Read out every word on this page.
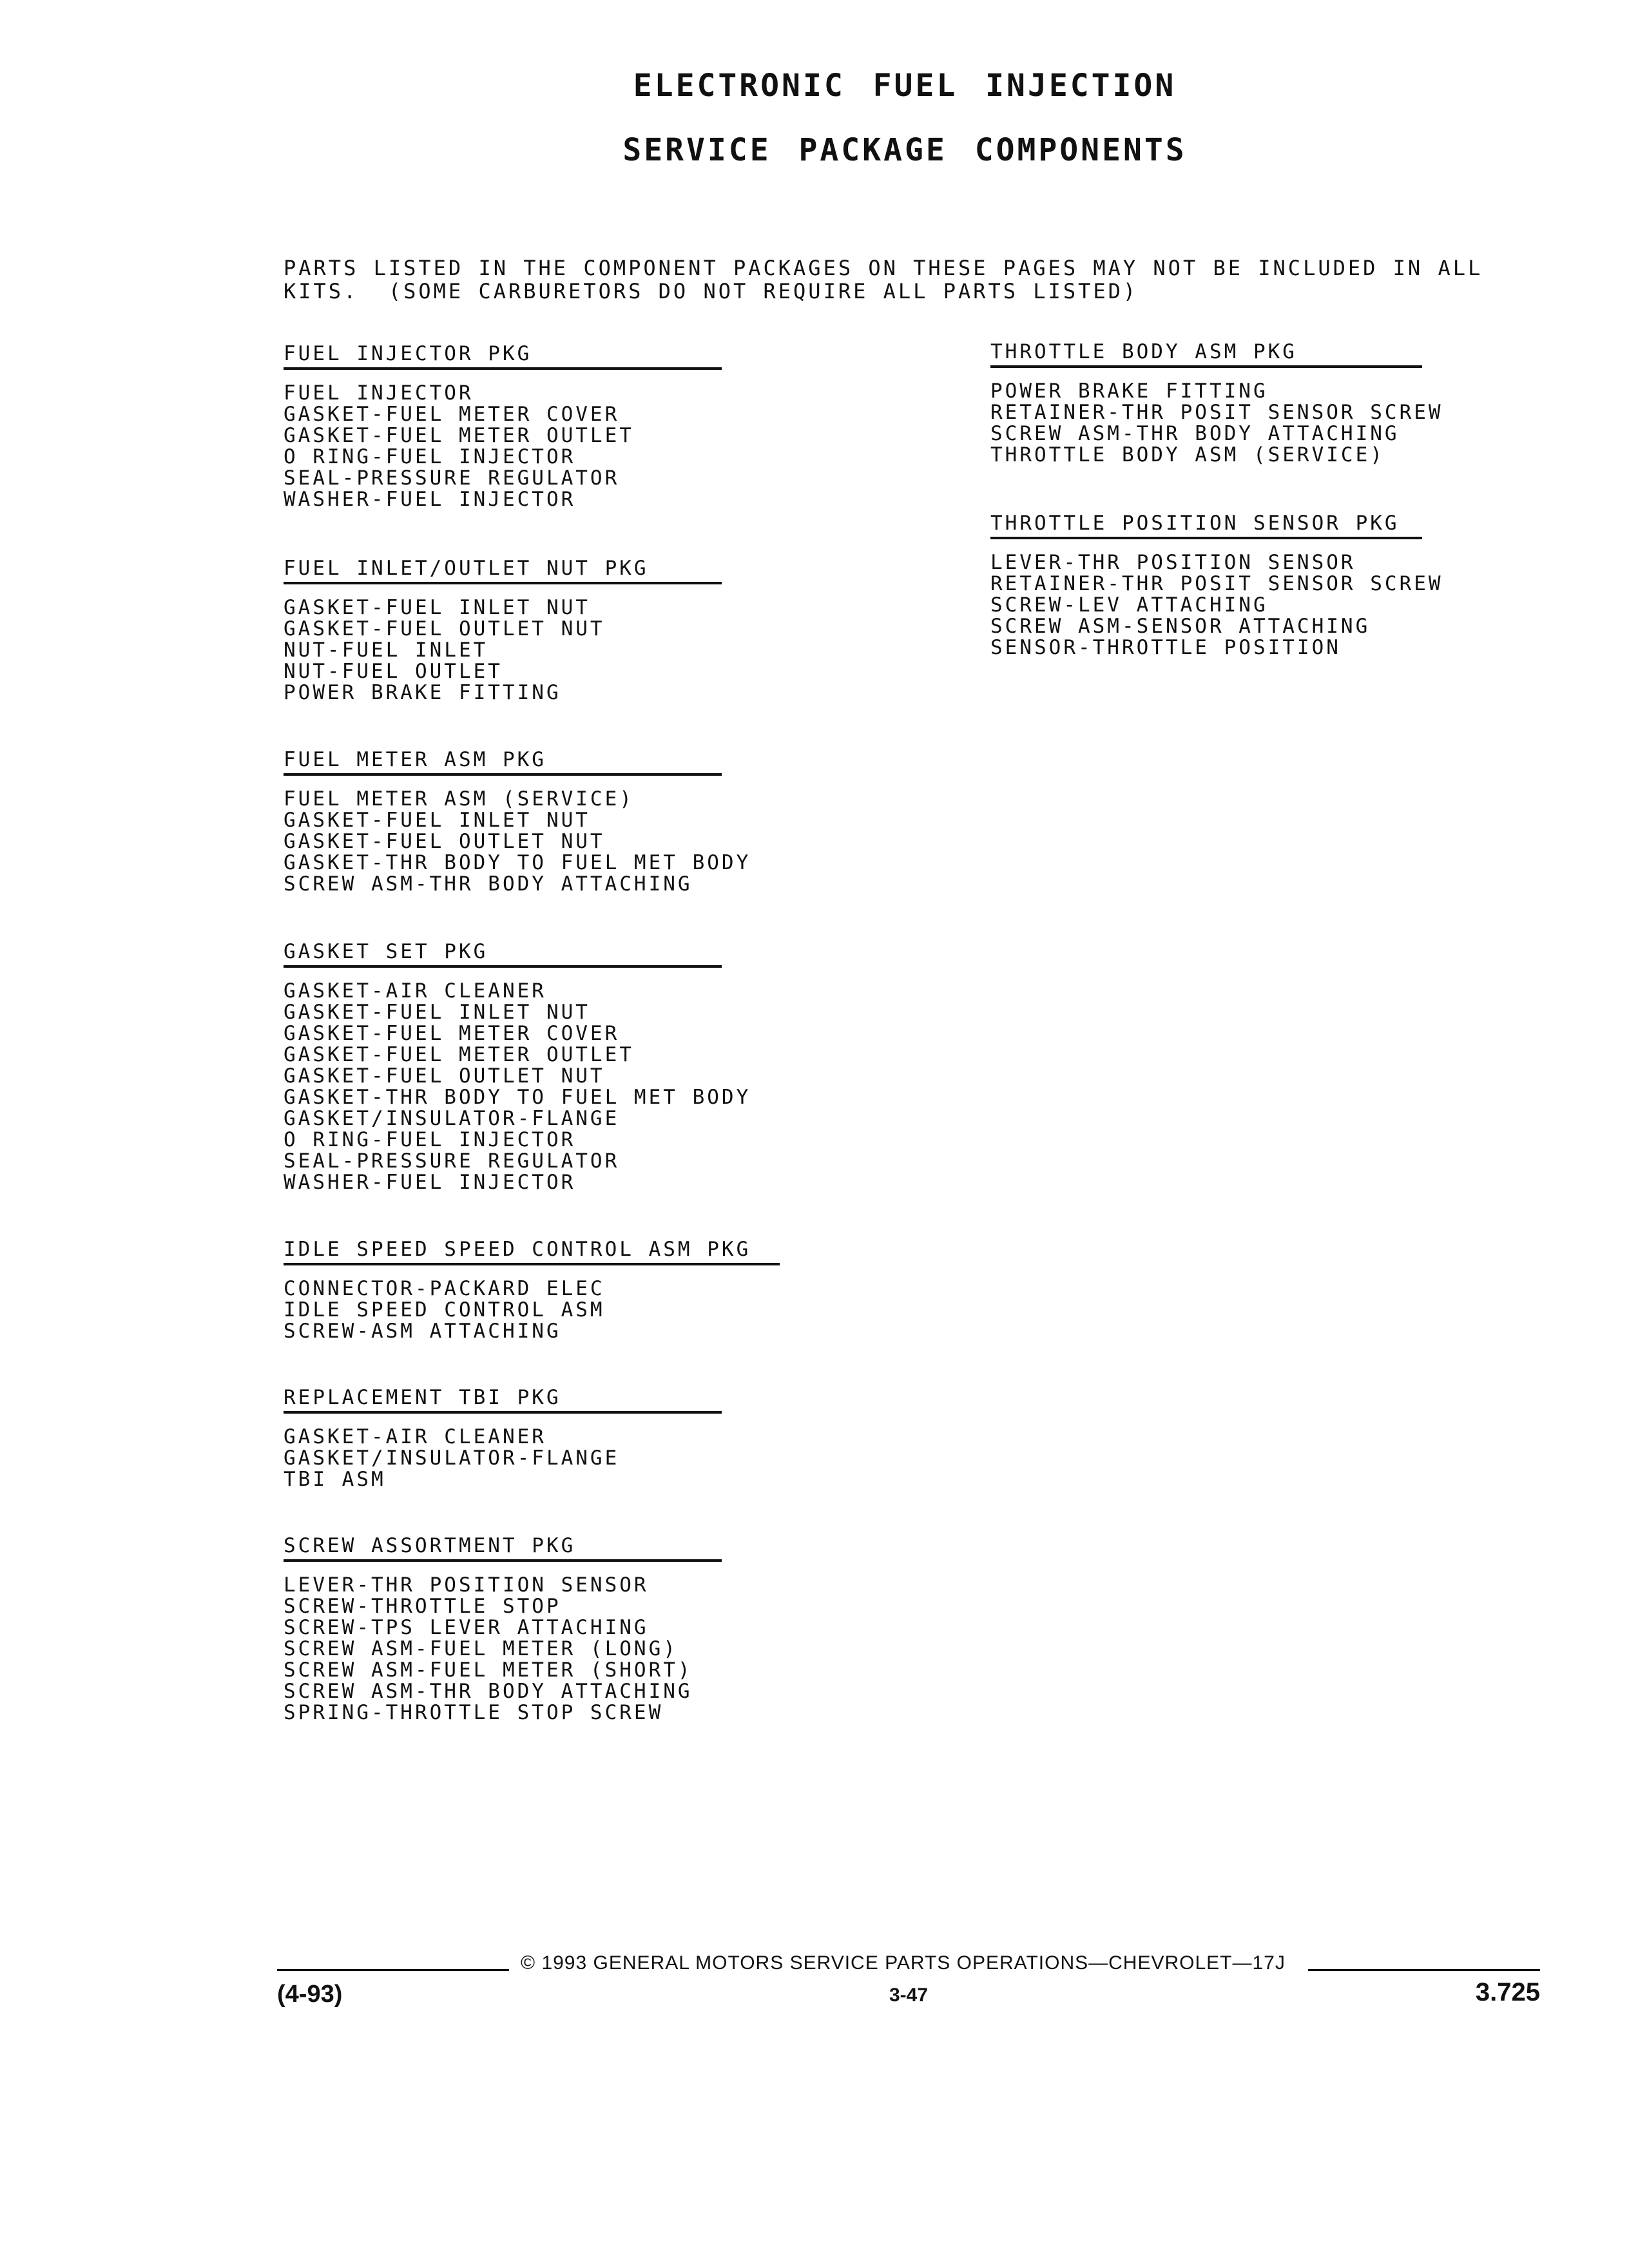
ELECTRONIC FUEL INJECTION
SERVICE PACKAGE COMPONENTS
PARTS LISTED IN THE COMPONENT PACKAGES ON THESE PAGES MAY NOT BE INCLUDED IN ALL
KITS.  (SOME CARBURETORS DO NOT REQUIRE ALL PARTS LISTED)
FUEL INJECTOR PKG
FUEL INJECTOR
GASKET-FUEL METER COVER
GASKET-FUEL METER OUTLET
O RING-FUEL INJECTOR
SEAL-PRESSURE REGULATOR
WASHER-FUEL INJECTOR
FUEL INLET/OUTLET NUT PKG
GASKET-FUEL INLET NUT
GASKET-FUEL OUTLET NUT
NUT-FUEL INLET
NUT-FUEL OUTLET
POWER BRAKE FITTING
FUEL METER ASM PKG
FUEL METER ASM (SERVICE)
GASKET-FUEL INLET NUT
GASKET-FUEL OUTLET NUT
GASKET-THR BODY TO FUEL MET BODY
SCREW ASM-THR BODY ATTACHING
GASKET SET PKG
GASKET-AIR CLEANER
GASKET-FUEL INLET NUT
GASKET-FUEL METER COVER
GASKET-FUEL METER OUTLET
GASKET-FUEL OUTLET NUT
GASKET-THR BODY TO FUEL MET BODY
GASKET/INSULATOR-FLANGE
O RING-FUEL INJECTOR
SEAL-PRESSURE REGULATOR
WASHER-FUEL INJECTOR
IDLE SPEED SPEED CONTROL ASM PKG
CONNECTOR-PACKARD ELEC
IDLE SPEED CONTROL ASM
SCREW-ASM ATTACHING
REPLACEMENT TBI PKG
GASKET-AIR CLEANER
GASKET/INSULATOR-FLANGE
TBI ASM
SCREW ASSORTMENT PKG
LEVER-THR POSITION SENSOR
SCREW-THROTTLE STOP
SCREW-TPS LEVER ATTACHING
SCREW ASM-FUEL METER (LONG)
SCREW ASM-FUEL METER (SHORT)
SCREW ASM-THR BODY ATTACHING
SPRING-THROTTLE STOP SCREW
THROTTLE BODY ASM PKG
POWER BRAKE FITTING
RETAINER-THR POSIT SENSOR SCREW
SCREW ASM-THR BODY ATTACHING
THROTTLE BODY ASM (SERVICE)
THROTTLE POSITION SENSOR PKG
LEVER-THR POSITION SENSOR
RETAINER-THR POSIT SENSOR SCREW
SCREW-LEV ATTACHING
SCREW ASM-SENSOR ATTACHING
SENSOR-THROTTLE POSITION
© 1993 GENERAL MOTORS SERVICE PARTS OPERATIONS—CHEVROLET—17J
(4-93)	3-47	3.725
